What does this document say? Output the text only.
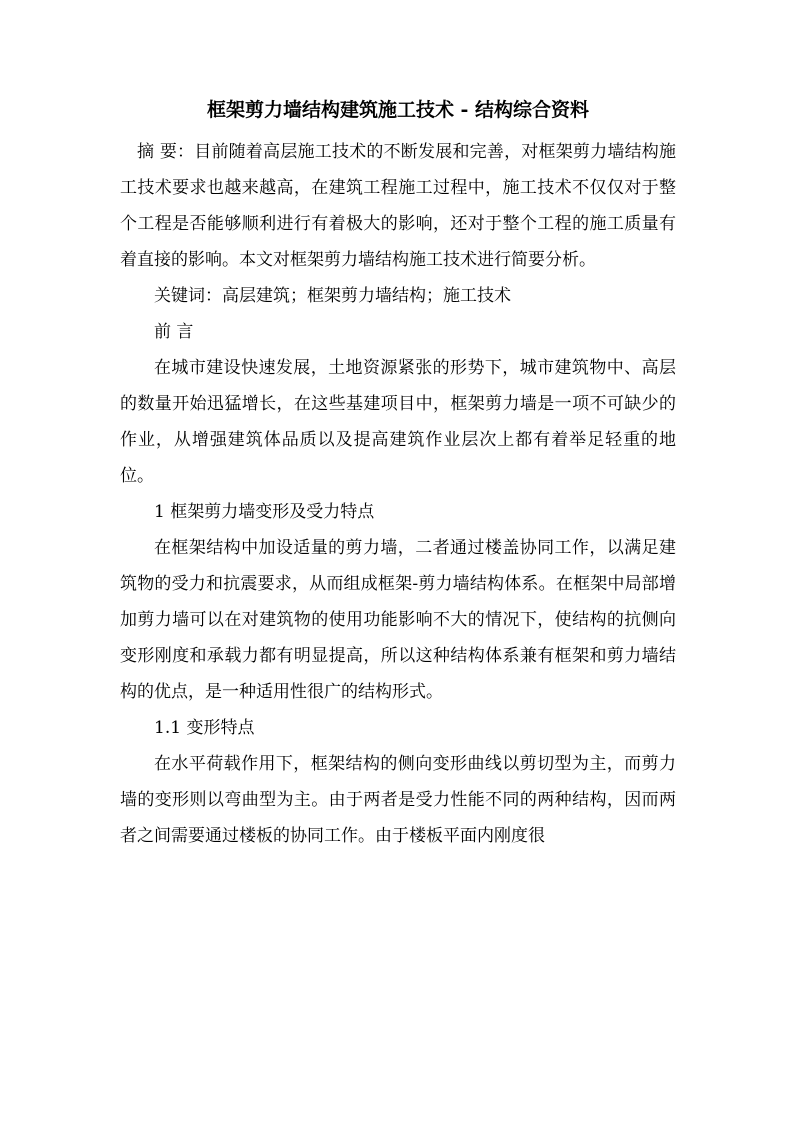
框架剪力墙结构建筑施工技术 - 结构综合资料

摘 要：目前随着高层施工技术的不断发展和完善，对框架剪力墙结构施工技术要求也越来越高，在建筑工程施工过程中，施工技术不仅仅对于整个工程是否能够顺利进行有着极大的影响，还对于整个工程的施工质量有着直接的影响。本文对框架剪力墙结构施工技术进行简要分析。

关键词：高层建筑；框架剪力墙结构；施工技术

前 言

在城市建设快速发展，土地资源紧张的形势下，城市建筑物中、高层的数量开始迅猛增长，在这些基建项目中，框架剪力墙是一项不可缺少的作业，从增强建筑体品质以及提高建筑作业层次上都有着举足轻重的地位。

1 框架剪力墙变形及受力特点

在框架结构中加设适量的剪力墙，二者通过楼盖协同工作，以满足建筑物的受力和抗震要求，从而组成框架-剪力墙结构体系。在框架中局部增加剪力墙可以在对建筑物的使用功能影响不大的情况下，使结构的抗侧向变形刚度和承载力都有明显提高，所以这种结构体系兼有框架和剪力墙结构的优点，是一种适用性很广的结构形式。

1.1 变形特点

在水平荷载作用下，框架结构的侧向变形曲线以剪切型为主，而剪力墙的变形则以弯曲型为主。由于两者是受力性能不同的两种结构，因而两者之间需要通过楼板的协同工作。由于楼板平面内刚度很
